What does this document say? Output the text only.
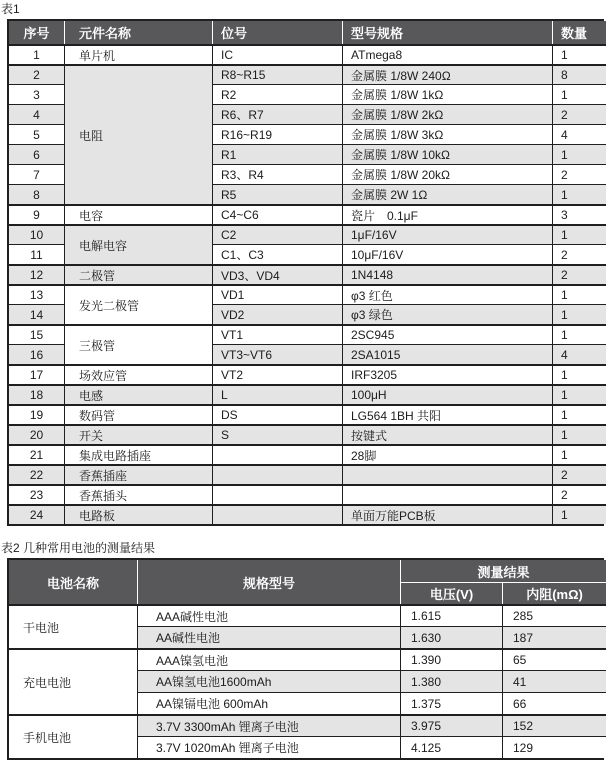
表1
序号	元件名称	位号	型号规格	数量
1	单片机	IC	ATmega8	1
2	电阻	R8~R15	金属膜 1/8W 240Ω	8
3		R2	金属膜 1/8W 1kΩ	1
4		R6、R7	金属膜 1/8W 2kΩ	2
5		R16~R19	金属膜 1/8W 3kΩ	4
6		R1	金属膜 1/8W 10kΩ	1
7		R3、R4	金属膜 1/8W 20kΩ	2
8		R5	金属膜 2W 1Ω	1
9	电容	C4~C6	瓷片　0.1μF	3
10	电解电容	C2	1μF/16V	1
11		C1、C3	10μF/16V	2
12	二极管	VD3、VD4	1N4148	2
13	发光二极管	VD1	φ3 红色	1
14		VD2	φ3 绿色	1
15	三极管	VT1	2SC945	1
16		VT3~VT6	2SA1015	4
17	场效应管	VT2	IRF3205	1
18	电感	L	100μH	1
19	数码管	DS	LG564 1BH 共阳	1
20	开关	S	按键式	1
21	集成电路插座		28脚	1
22	香蕉插座			2
23	香蕉插头			2
24	电路板		单面万能PCB板	1
表2 几种常用电池的测量结果
电池名称	规格型号	测量结果	
		电压(V)	内阻(mΩ)
干电池	AAA碱性电池	1.615	285
	AA碱性电池	1.630	187
充电电池	AAA镍氢电池	1.390	65
	AA镍氢电池1600mAh	1.380	41
	AA镍镉电池 600mAh	1.375	66
手机电池	3.7V 3300mAh 锂离子电池	3.975	152
	3.7V 1020mAh 锂离子电池	4.125	129
